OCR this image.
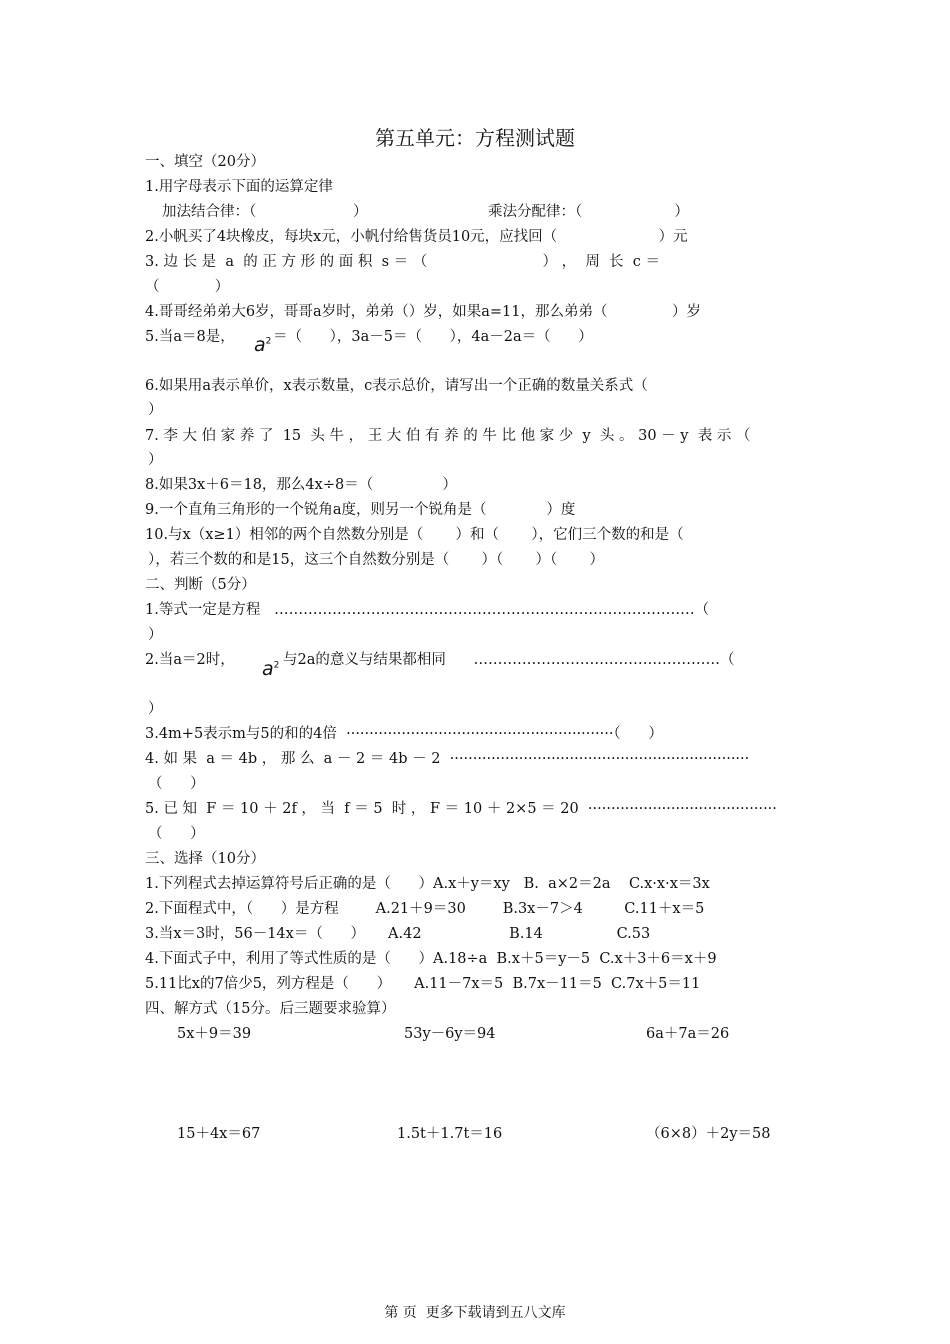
第五单元：方程测试题
一、填空（20分）
1.用字母表示下面的运算定律
加法结合律：（                     ）	乘法分配律：（                    ）
2.小帆买了4块橡皮，每块x元，小帆付给售货员10元，应找回（                      ）元
3. 边 长 是  a  的 正 方 形 的 面 积  s ＝ （                         ） ，  周  长  c ＝
（            ）
4.哥哥经弟弟大6岁，哥哥a岁时，弟弟（）岁，如果a=11，那么弟弟（              ）岁
5.当a＝8是， $a^2$ ＝（      ），3a－5＝（      ），4a－2a＝（      ）
6.如果用a表示单价，x表示数量，c表示总价，请写出一个正确的数量关系式（
）
7. 李 大 伯 家 养 了  15  头 牛 ， 王 大 伯 有 养 的 牛 比 他 家 少  y  头 。 30 － y  表 示 （
）
8.如果3x＋6＝18，那么4x÷8＝（               ）
9.一个直角三角形的一个锐角a度，则另一个锐角是（             ）度
10.与x（x≥1）相邻的两个自然数分别是（       ）和（       ），它们三个数的和是（
），若三个数的和是15，这三个自然数分别是（       ）（       ）（       ）
二、判断（5分）
1.等式一定是方程   ……………………………………………………………………………（
）
2.当a＝2时， $a^2$ 与2a的意义与结果都相同      ……………………………………………（
）
3.4m+5表示m与5的和的4倍  ··························································（      ）
4. 如 果  a ＝ 4b ， 那 么  a － 2 ＝ 4b － 2  ·································································
（      ）
5. 已 知  F ＝ 10 ＋ 2f ， 当  f ＝ 5  时 ， F ＝ 10 ＋ 2×5 ＝ 20  ·········································
（      ）
三、选择（10分）
1.下列程式去掉运算符号后正确的是（      ）A.x＋y＝xy   B.  a×2＝2a    C.x·x·x＝3x
2.下面程式中，（      ）是方程        A.21＋9＝30        B.3x－7＞4         C.11＋x＝5
3.当x＝3时，56－14x＝（      ）     A.42                   B.14                C.53
4.下面式子中，利用了等式性质的是（      ）A.18÷a  B.x＋5＝y－5  C.x＋3＋6＝x＋9
5.11比x的7倍少5，列方程是（      ）     A.11－7x＝5  B.7x－11＝5  C.7x＋5＝11
四、解方式（15分。后三题要求验算）
5x＋9＝39	53y－6y＝94	6a＋7a＝26
15＋4x＝67	1.5t＋1.7t＝16	（6×8）＋2y＝58
第 页  更多下载请到五八文库
